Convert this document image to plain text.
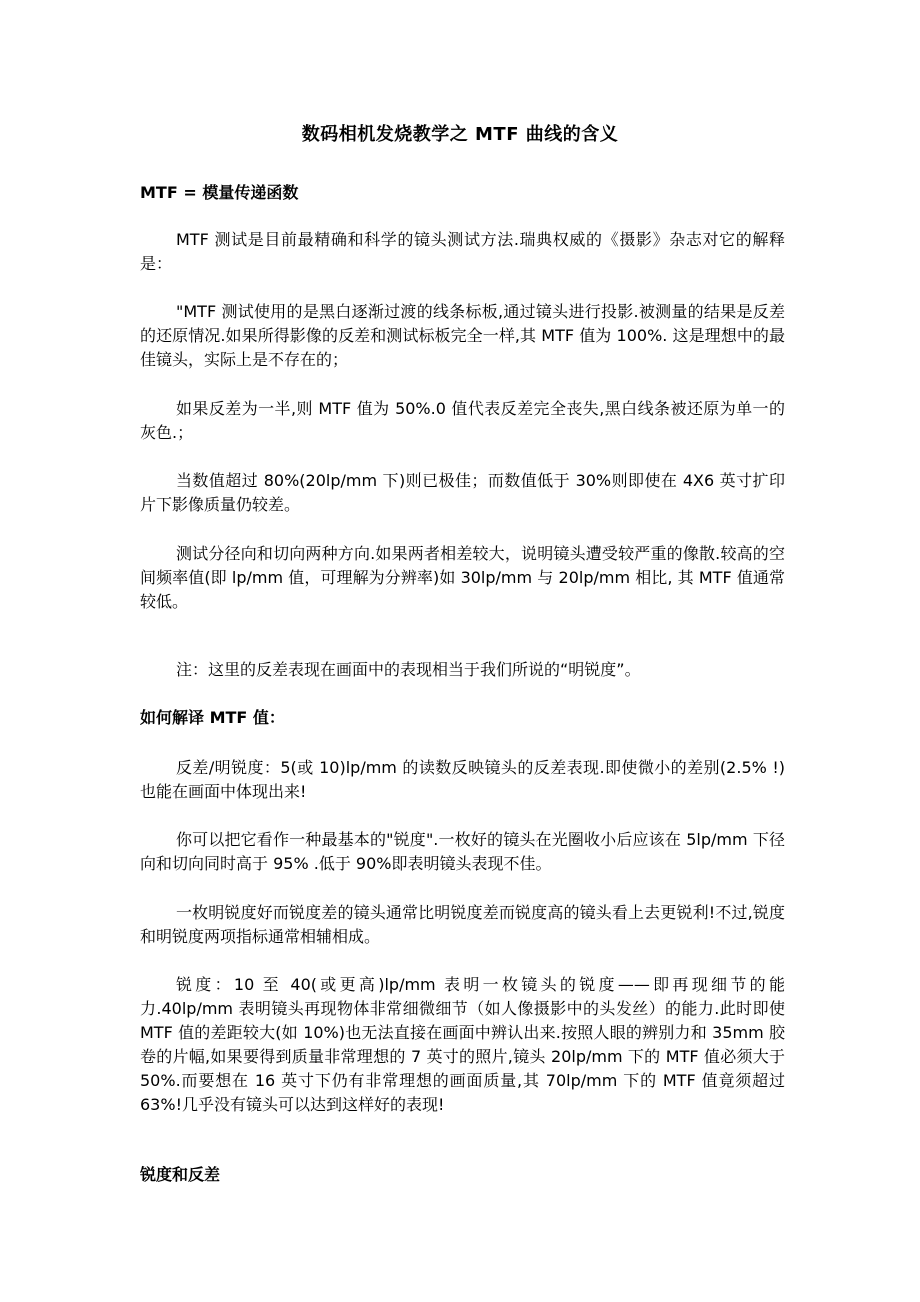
数码相机发烧教学之 MTF 曲线的含义
MTF = 模量传递函数
MTF 测试是目前最精确和科学的镜头测试方法.瑞典权威的《摄影》杂志对它的解释是：
"MTF 测试使用的是黑白逐渐过渡的线条标板,通过镜头进行投影.被测量的结果是反差的还原情况.如果所得影像的反差和测试标板完全一样,其 MTF 值为 100%. 这是理想中的最佳镜头，实际上是不存在的；
如果反差为一半,则 MTF 值为 50%.0 值代表反差完全丧失,黑白线条被还原为单一的灰色.；
当数值超过 80%(20lp/mm 下)则已极佳；而数值低于 30%则即使在 4X6 英寸扩印片下影像质量仍较差。
测试分径向和切向两种方向.如果两者相差较大，说明镜头遭受较严重的像散.较高的空间频率值(即 lp/mm 值，可理解为分辨率)如 30lp/mm 与 20lp/mm 相比, 其 MTF 值通常较低。
注：这里的反差表现在画面中的表现相当于我们所说的“明锐度”。
如何解译 MTF 值：
反差/明锐度：5(或 10)lp/mm 的读数反映镜头的反差表现.即使微小的差别(2.5% !)也能在画面中体现出来!
你可以把它看作一种最基本的"锐度".一枚好的镜头在光圈收小后应该在 5lp/mm 下径向和切向同时高于 95% .低于 90%即表明镜头表现不佳。
一枚明锐度好而锐度差的镜头通常比明锐度差而锐度高的镜头看上去更锐利!不过,锐度和明锐度两项指标通常相辅相成。
锐度：10 至 40(或更高)lp/mm 表明一枚镜头的锐度——即再现细节的能力.40lp/mm 表明镜头再现物体非常细微细节（如人像摄影中的头发丝）的能力.此时即使 MTF 值的差距较大(如 10%)也无法直接在画面中辨认出来.按照人眼的辨别力和 35mm 胶卷的片幅,如果要得到质量非常理想的 7 英寸的照片,镜头 20lp/mm 下的 MTF 值必须大于 50%.而要想在 16 英寸下仍有非常理想的画面质量,其 70lp/mm 下的 MTF 值竟须超过 63%!几乎没有镜头可以达到这样好的表现!
锐度和反差
